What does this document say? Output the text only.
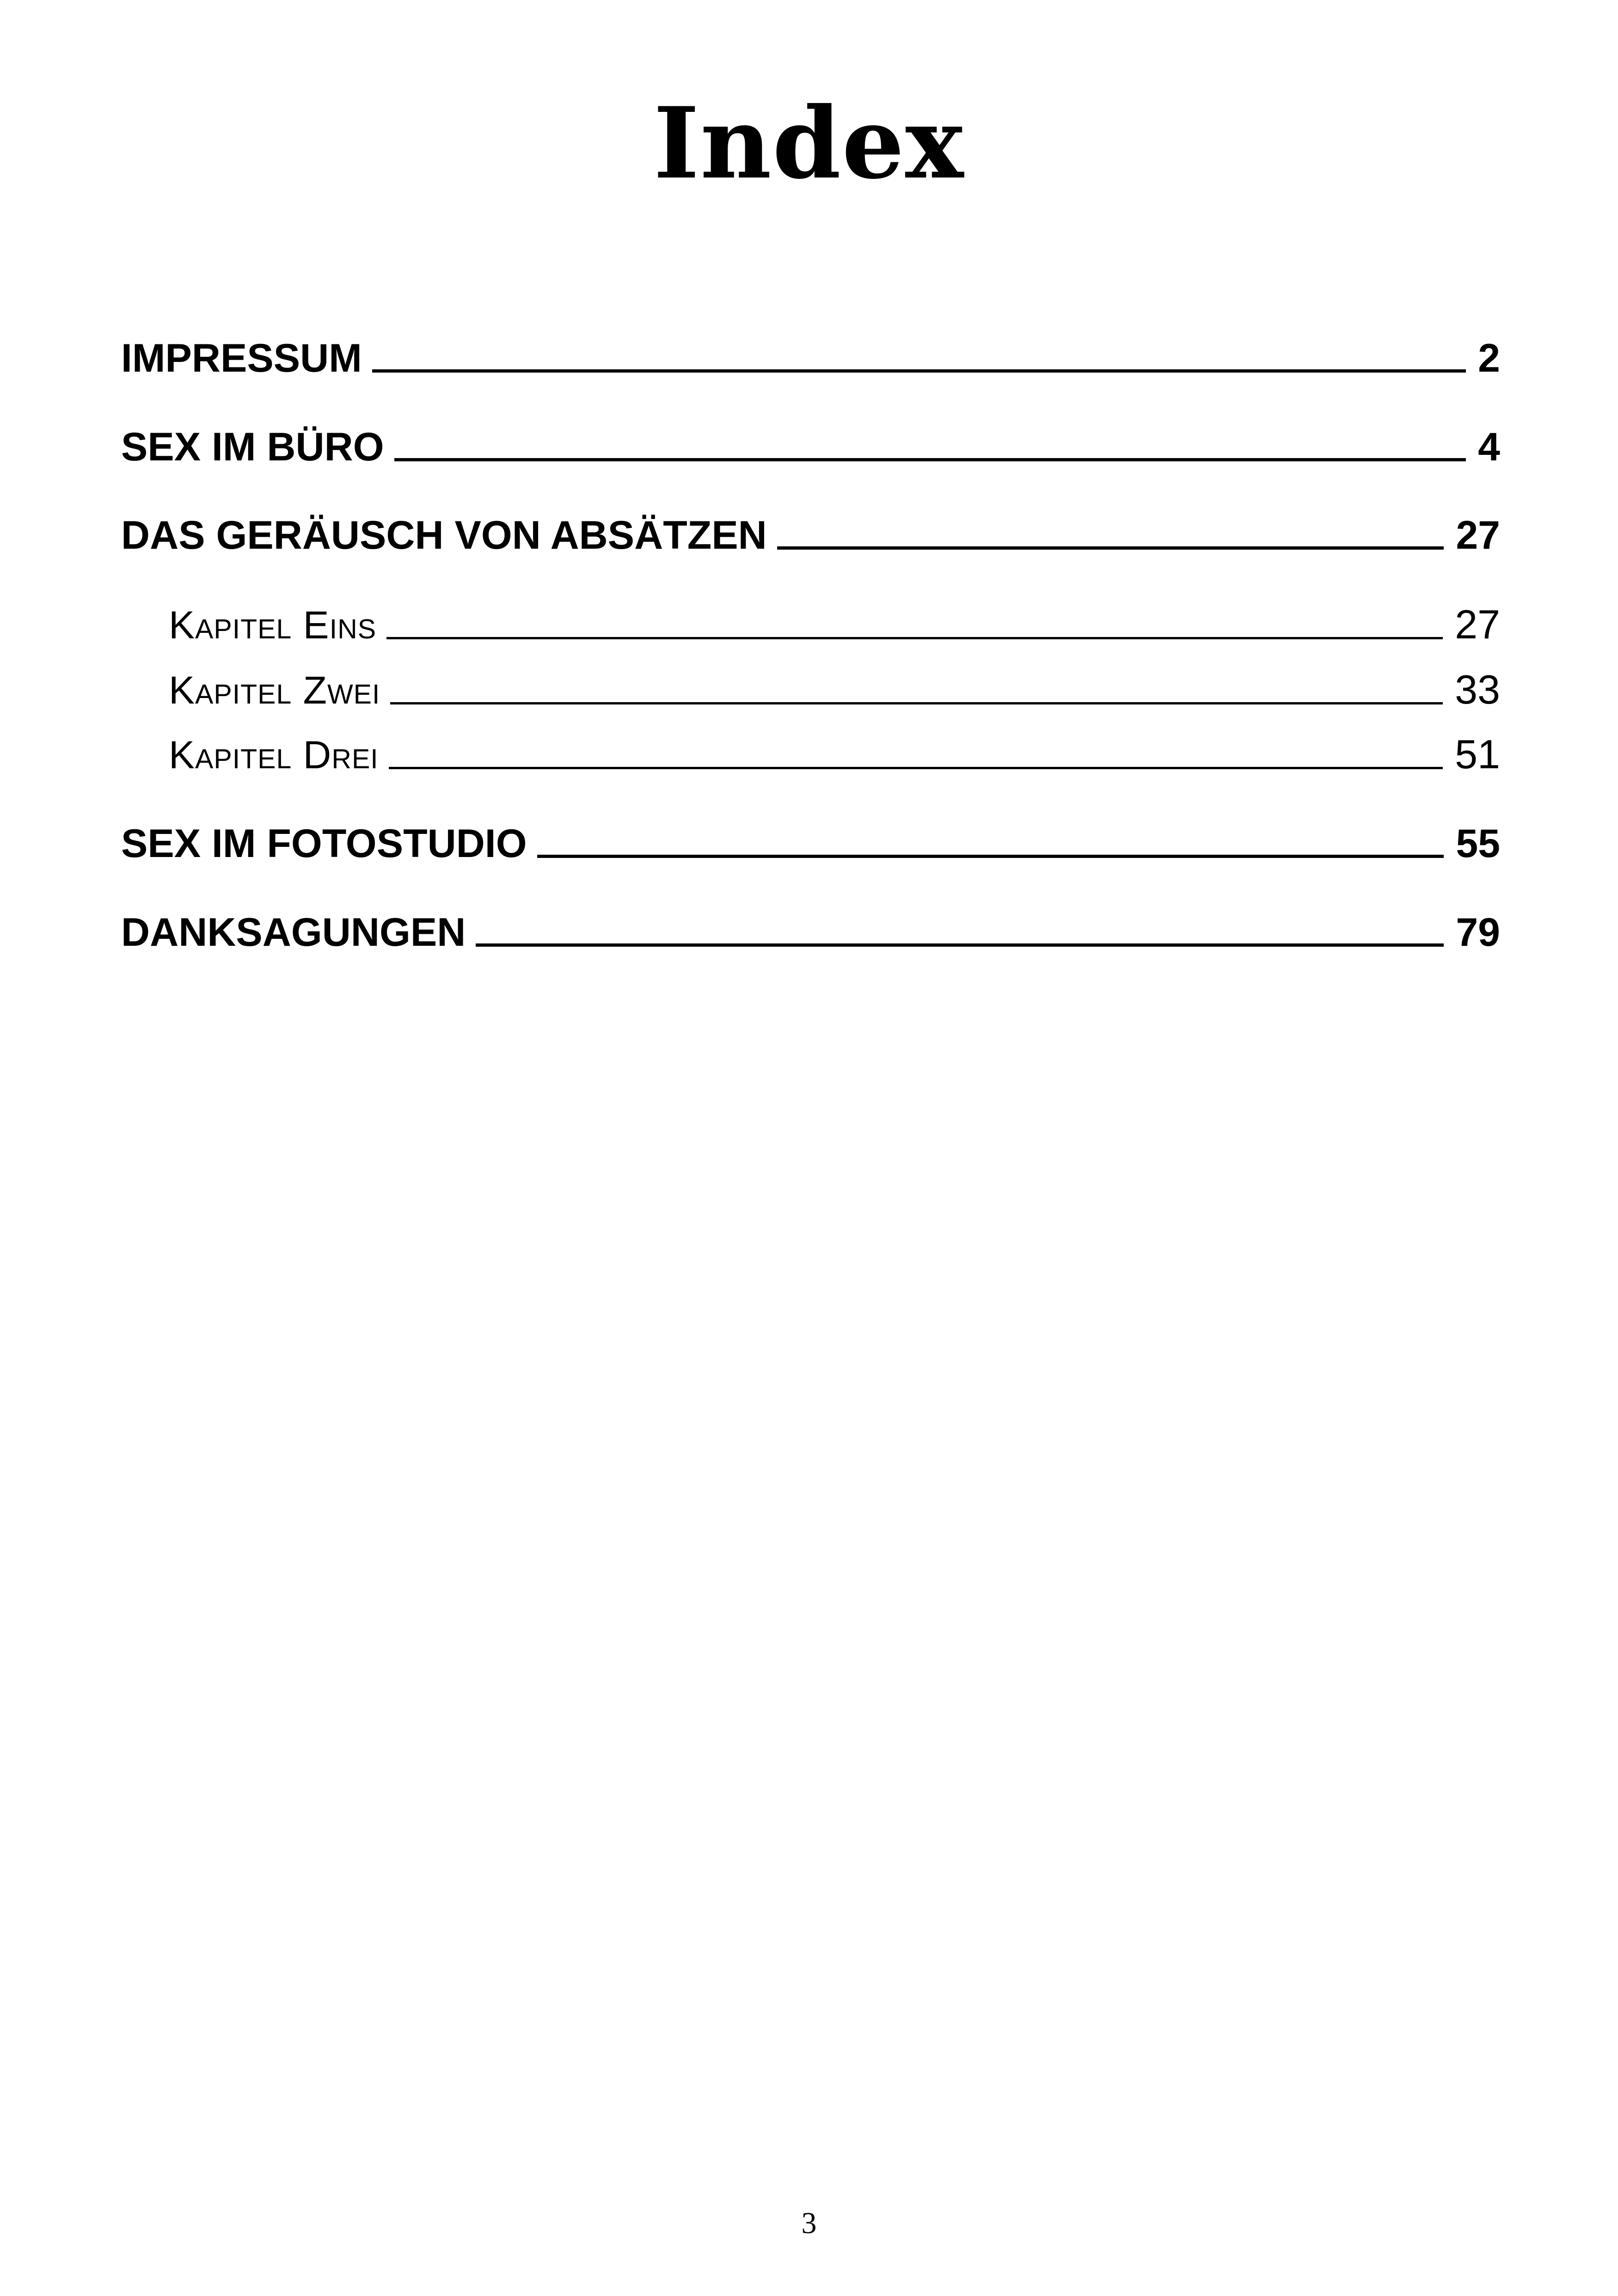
Index
IMPRESSUM	2
SEX IM BÜRO	4
DAS GERÄUSCH VON ABSÄTZEN	27
Kapitel Eins	27
Kapitel Zwei	33
Kapitel Drei	51
SEX IM FOTOSTUDIO	55
DANKSAGUNGEN	79
3
